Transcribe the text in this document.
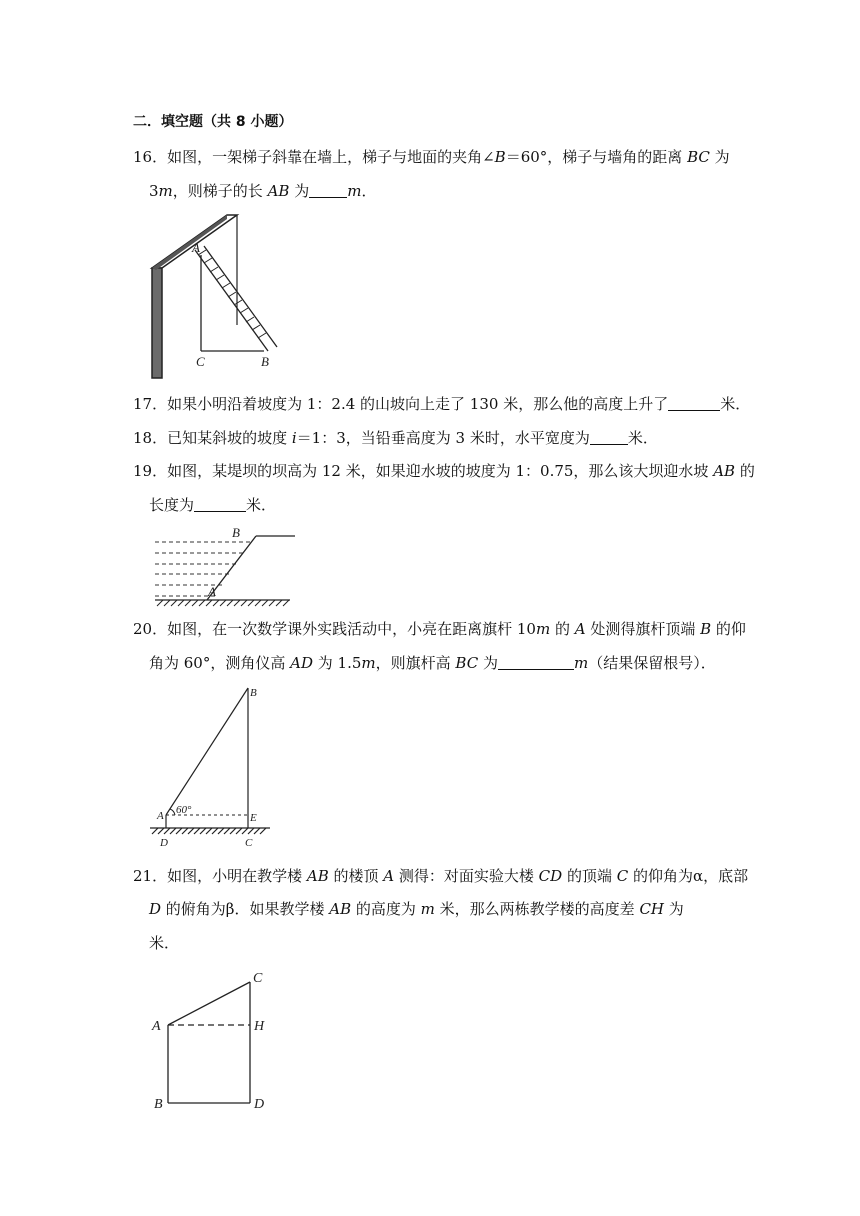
二．填空题（共 8 小题）
16．如图，一架梯子斜靠在墙上，梯子与地面的夹角∠B＝60°，梯子与墙角的距离 BC 为
3m，则梯子的长 AB 为	m．
A
C	B
17．如果小明沿着坡度为 1：2.4 的山坡向上走了 130 米，那么他的高度上升了	米．
18．已知某斜坡的坡度 i＝1：3，当铅垂高度为 3 米时，水平宽度为	米．
19．如图，某堤坝的坝高为 12 米，如果迎水坡的坡度为 1：0.75，那么该大坝迎水坡 AB 的
长度为	米．
B
A
20．如图，在一次数学课外实践活动中，小亮在距离旗杆 10m 的 A 处测得旗杆顶端 B 的仰
角为 60°，测角仪高 AD 为 1.5m，则旗杆高 BC 为	m（结果保留根号）．
B
A 60°
E
D	C
21．如图，小明在教学楼 AB 的楼顶 A 测得：对面实验大楼 CD 的顶端 C 的仰角为α，底部
D 的俯角为β．如果教学楼 AB 的高度为 m 米，那么两栋教学楼的高度差 CH 为
米．
C
A	H
B	D
